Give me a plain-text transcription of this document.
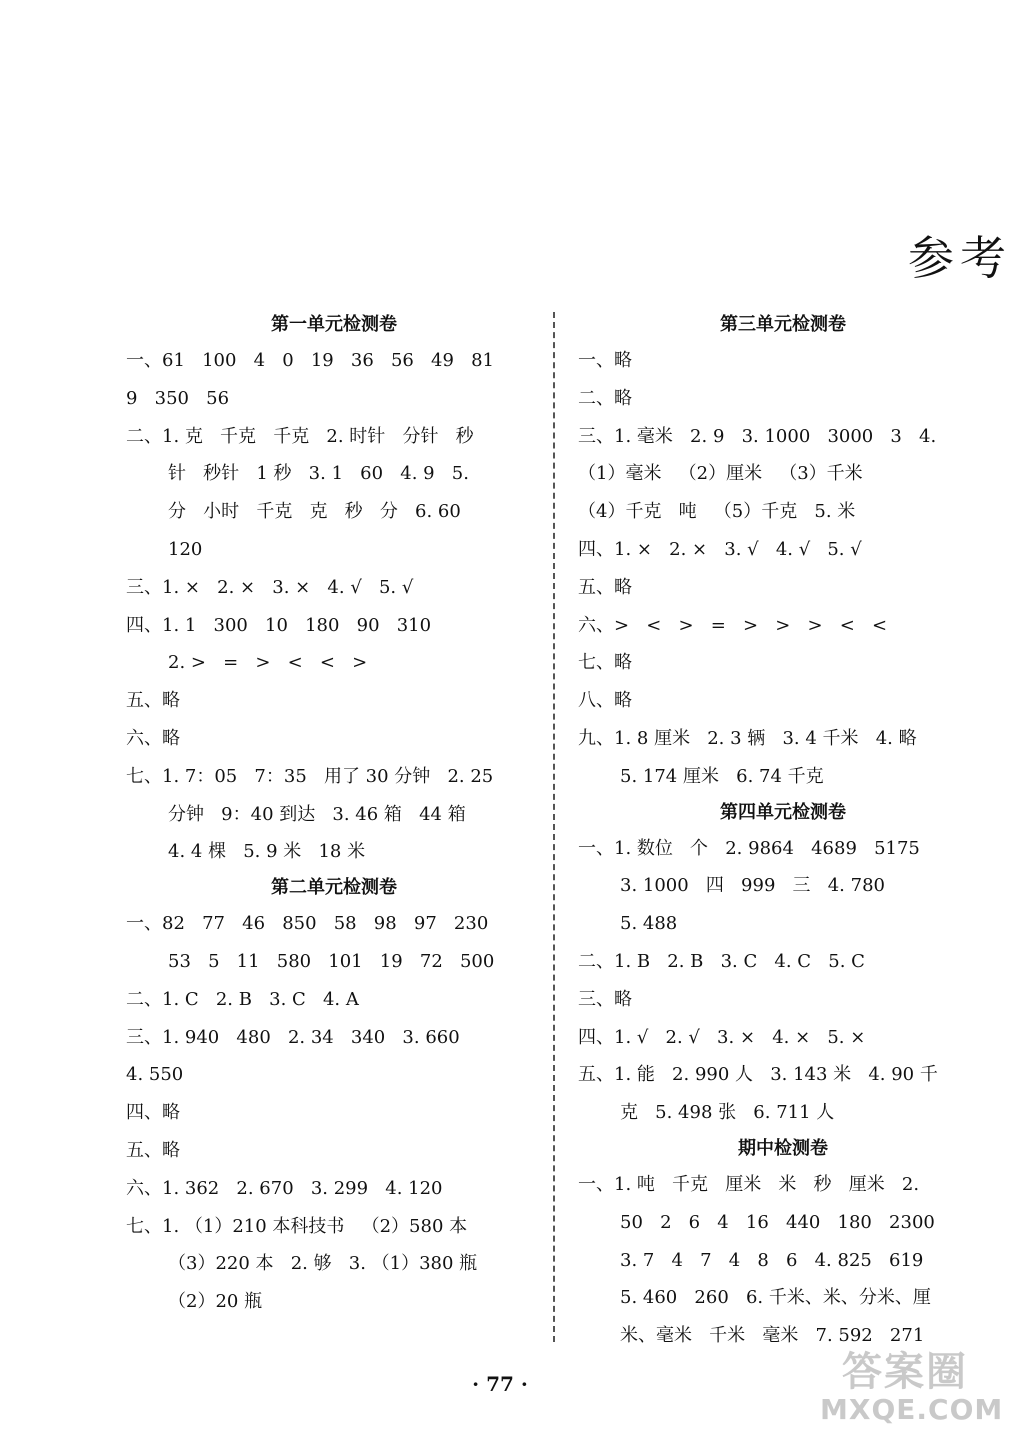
参考
第一单元检测卷
一、61   100   4   0   19   36   56   49   81
9   350   56
二、1. 克   千克   千克   2. 时针   分针   秒
针   秒针   1 秒   3. 1   60   4. 9   5.
分   小时   千克   克   秒   分   6. 60
120
三、1. ×   2. ×   3. ×   4. √   5. √
四、1. 1   300   10   180   90   310
2. >   =   >   <   <   >
五、略
六、略
七、1. 7：05   7：35   用了 30 分钟   2. 25
分钟   9：40 到达   3. 46 箱   44 箱
4. 4 棵   5. 9 米   18 米
第二单元检测卷
一、82   77   46   850   58   98   97   230
53   5   11   580   101   19   72   500
二、1. C   2. B   3. C   4. A
三、1. 940   480   2. 34   340   3. 660
4. 550
四、略
五、略
六、1. 362   2. 670   3. 299   4. 120
七、1. （1）210 本科技书   （2）580 本
（3）220 本   2. 够   3. （1）380 瓶
（2）20 瓶
第三单元检测卷
一、略
二、略
三、1. 毫米   2. 9   3. 1000   3000   3   4.
（1）毫米   （2）厘米   （3）千米
（4）千克   吨   （5）千克   5. 米
四、1. ×   2. ×   3. √   4. √   5. √
五、略
六、>   <   >   =   >   >   >   <   <
七、略
八、略
九、1. 8 厘米   2. 3 辆   3. 4 千米   4. 略
5. 174 厘米   6. 74 千克
第四单元检测卷
一、1. 数位   个   2. 9864   4689   5175
3. 1000   四   999   三   4. 780
5. 488
二、1. B   2. B   3. C   4. C   5. C
三、略
四、1. √   2. √   3. ×   4. ×   5. ×
五、1. 能   2. 990 人   3. 143 米   4. 90 千
克   5. 498 张   6. 711 人
期中检测卷
一、1. 吨   千克   厘米   米   秒   厘米   2.
50   2   6   4   16   440   180   2300
3. 7   4   7   4   8   6   4. 825   619
5. 460   260   6. 千米、米、分米、厘
米、毫米   千米   毫米   7. 592   271
· 77 ·	答案圈
MXQE.COM
